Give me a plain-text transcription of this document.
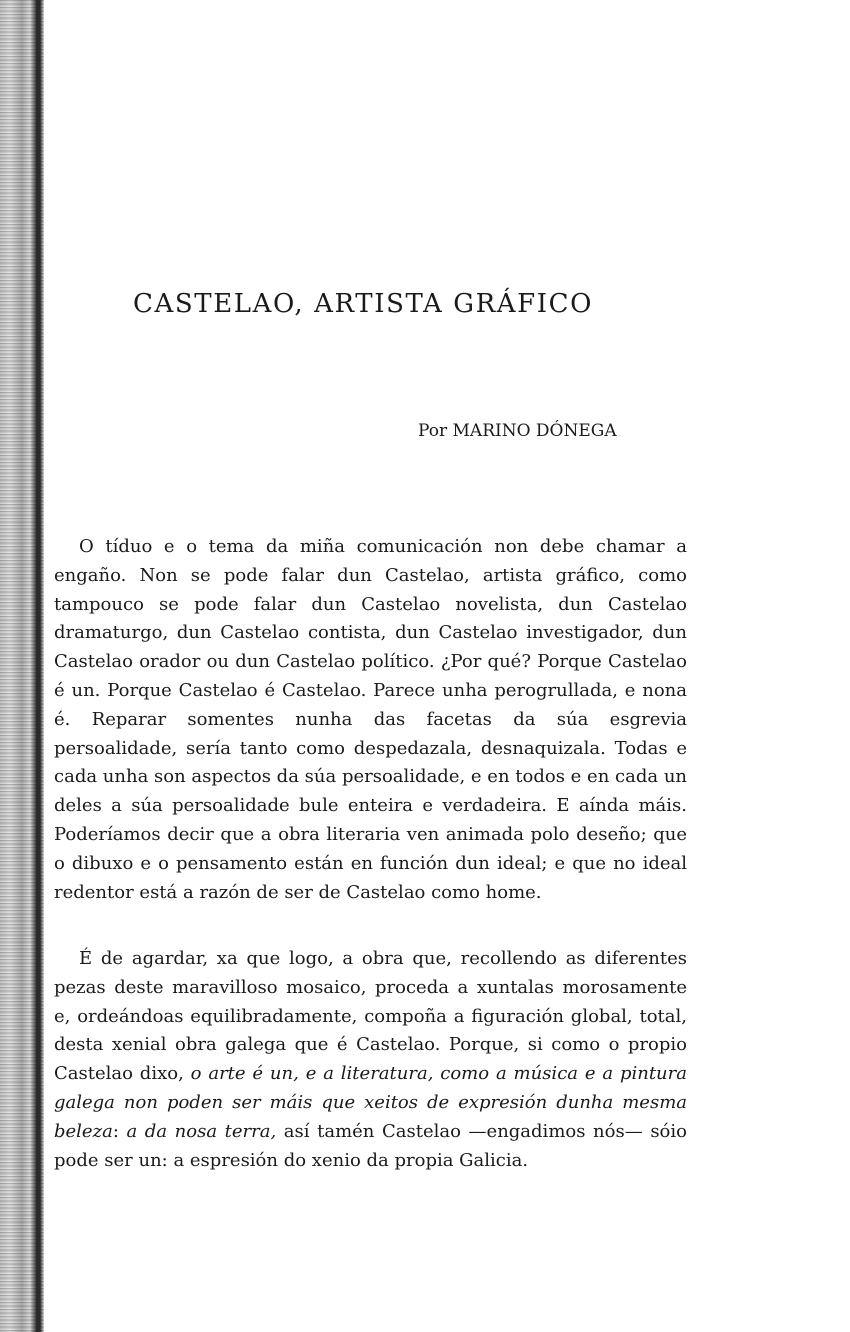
CASTELAO, ARTISTA GRÁFICO
Por MARINO DÓNEGA

O tíduo e o tema da miña comunicación non debe chamar a engaño. Non se pode falar dun Castelao, artista gráfico, como tampouco se pode falar dun Castelao novelista, dun Castelao dramaturgo, dun Castelao contista, dun Castelao investigador, dun Castelao orador ou dun Castelao político. ¿Por qué? Porque Castelao é un. Porque Castelao é Castelao. Parece unha perogrullada, e nona é. Reparar somentes nunha das facetas da súa esgrevia persoalidade, sería tanto como despedazala, desnaquizala. Todas e cada unha son aspectos da súa persoalidade, e en todos e en cada un deles a súa persoalidade bule enteira e verdadeira. E aínda máis. Poderíamos decir que a obra literaria ven animada polo deseño; que o dibuxo e o pensamento están en función dun ideal; e que no ideal redentor está a razón de ser de Castelao como home.

É de agardar, xa que logo, a obra que, recollendo as diferentes pezas deste maravilloso mosaico, proceda a xuntalas morosamente e, ordeándoas equilibradamente, compoña a figuración global, total, desta xenial obra galega que é Castelao. Porque, si como o propio Castelao dixo, o arte é un, e a literatura, como a música e a pintura galega non poden ser máis que xeitos de expresión dunha mesma beleza: a da nosa terra, así tamén Castelao —engadimos nós— sóio pode ser un: a espresión do xenio da propia Galicia.
